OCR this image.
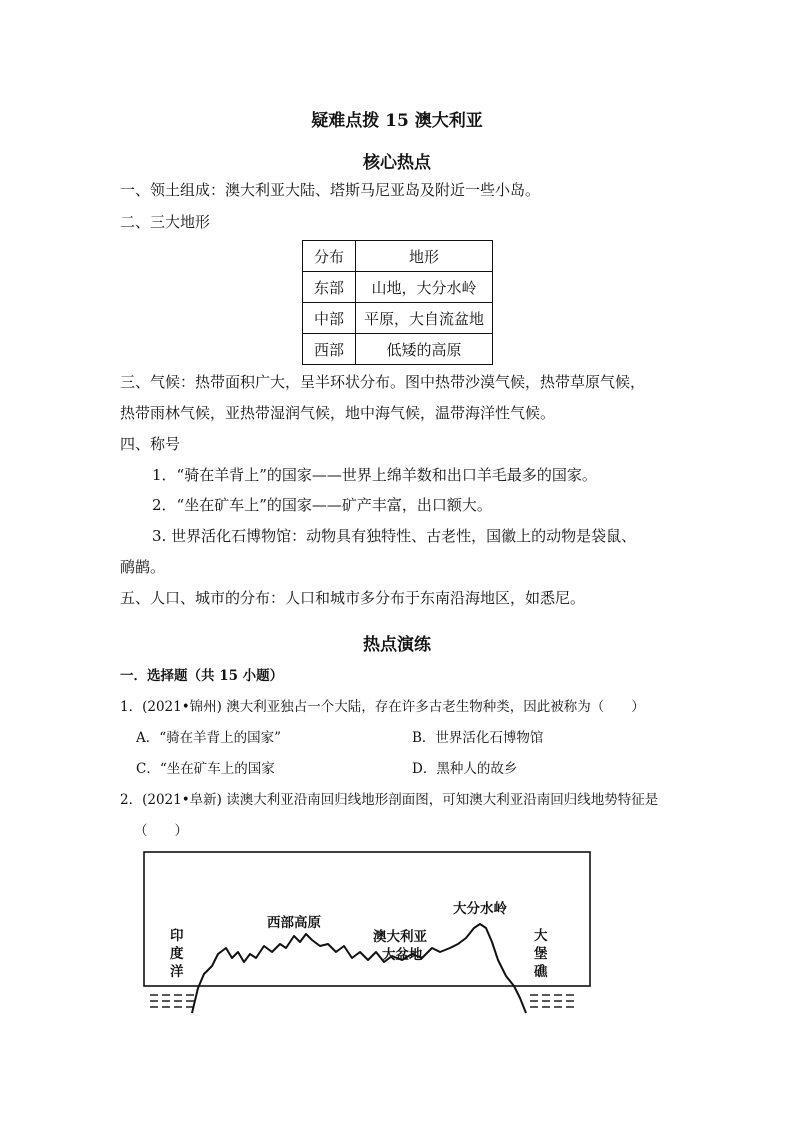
疑难点拨 15 澳大利亚
核心热点
一、领土组成：澳大利亚大陆、塔斯马尼亚岛及附近一些小岛。
二、三大地形
分布	地形
东部	山地，大分水岭
中部	平原，大自流盆地
西部	低矮的高原
三、气候：热带面积广大，呈半环状分布。图中热带沙漠气候，热带草原气候，
热带雨林气候，亚热带湿润气候，地中海气候，温带海洋性气候。
四、称号
1．“骑在羊背上”的国家——世界上绵羊数和出口羊毛最多的国家。
2．“坐在矿车上”的国家——矿产丰富，出口额大。
3. 世界活化石博物馆：动物具有独特性、古老性，国徽上的动物是袋鼠、
鸸鹋。
五、人口、城市的分布：人口和城市多分布于东南沿海地区，如悉尼。
热点演练
一．选择题（共 15 小题）
1．(2021•锦州) 澳大利亚独占一个大陆，存在许多古老生物种类，因此被称为（　　）
A．“骑在羊背上的国家”	B．世界活化石博物馆
C．“坐在矿车上的国家	D．黑种人的故乡
2．(2021•阜新) 读澳大利亚沿南回归线地形剖面图，可知澳大利亚沿南回归线地势特征是
（　　）
印
度
洋
西部高原
澳大利亚
大盆地
大分水岭
大
堡
礁
